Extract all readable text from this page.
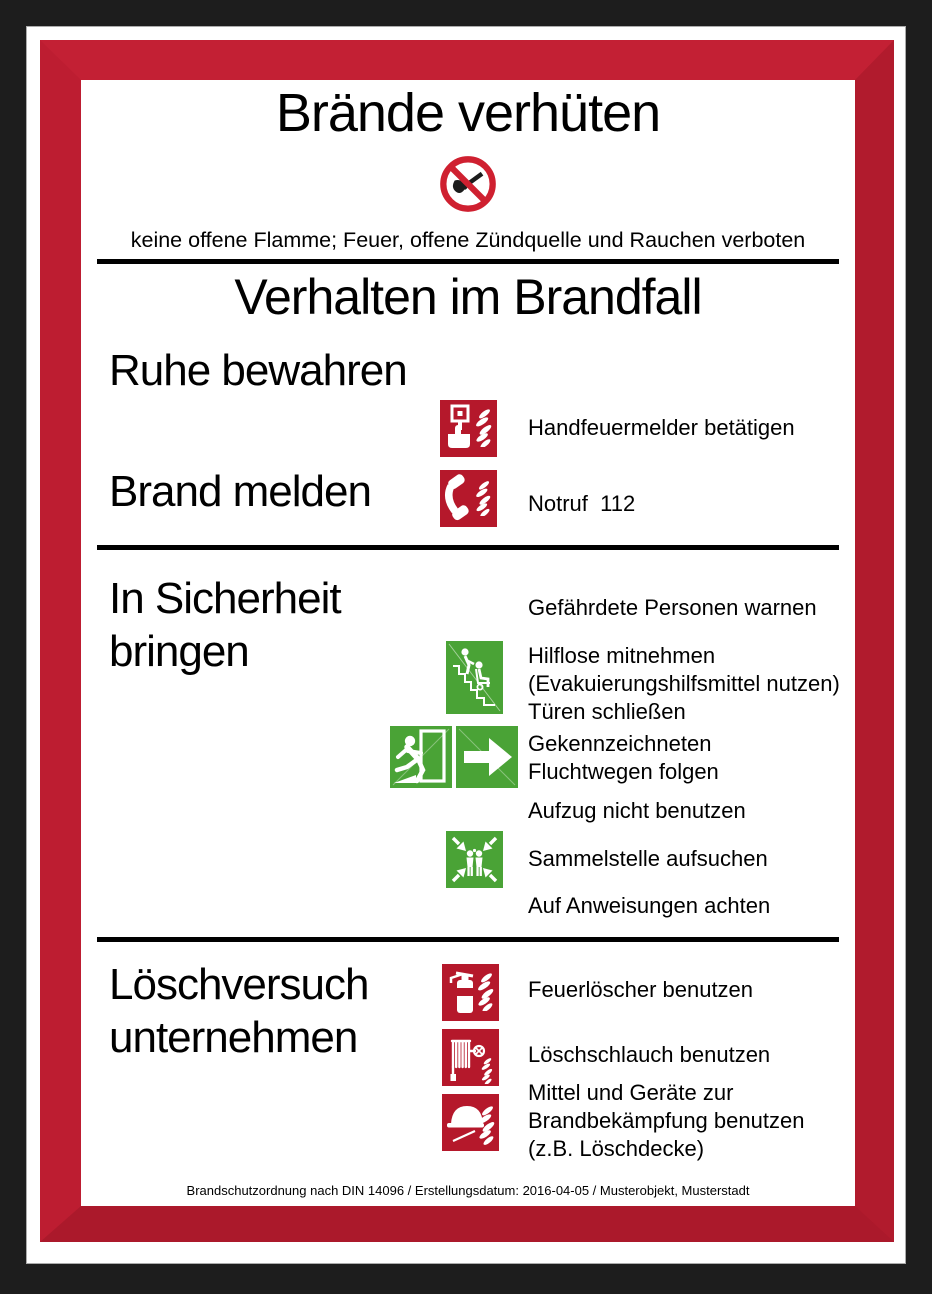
Brände verhüten
keine offene Flamme; Feuer, offene Zündquelle und Rauchen verboten
Verhalten im Brandfall
Ruhe bewahren
Handfeuermelder betätigen
Brand melden	Notruf  112
In Sicherheit bringen
Gefährdete Personen warnen
Hilflose mitnehmen (Evakuierungshilfsmittel nutzen)
Türen schließen
Gekennzeichneten Fluchtwegen folgen
Aufzug nicht benutzen
Sammelstelle aufsuchen
Auf Anweisungen achten
Löschversuch unternehmen
Feuerlöscher benutzen
Löschschlauch benutzen
Mittel und Geräte zur Brandbekämpfung benutzen (z.B. Löschdecke)
Brandschutzordnung nach DIN 14096 / Erstellungsdatum: 2016-04-05 / Musterobjekt, Musterstadt
